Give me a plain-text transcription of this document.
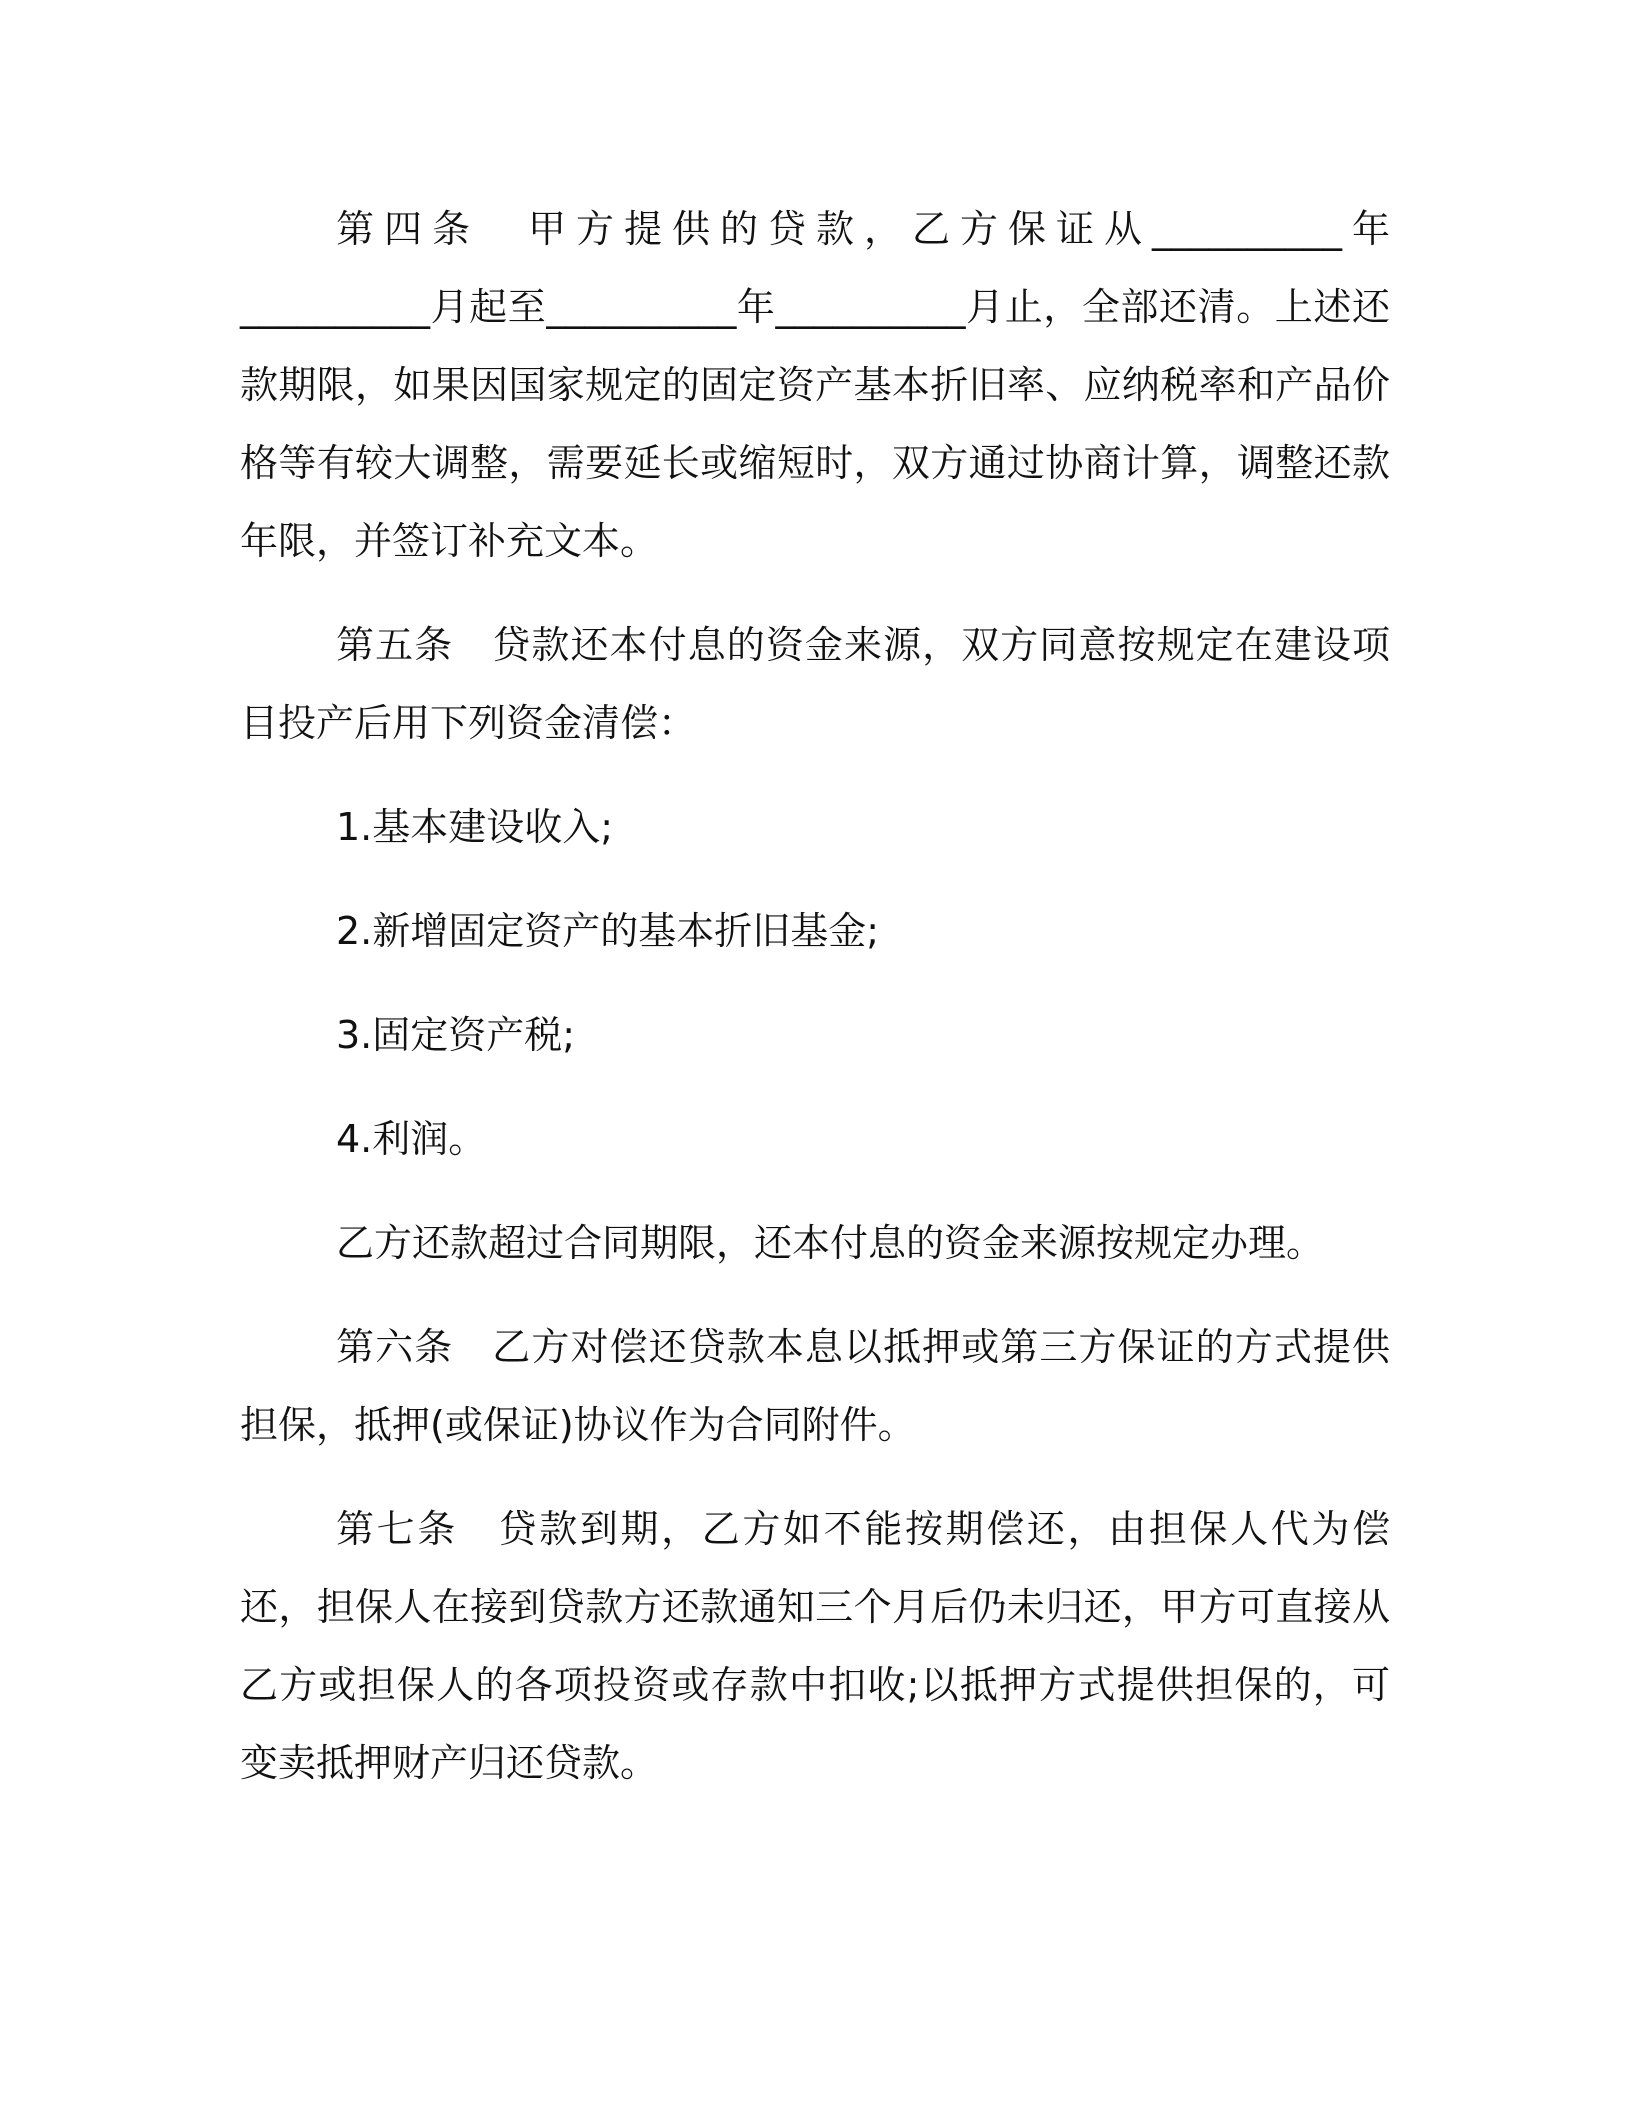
第四条　甲方提供的贷款，乙方保证从__________年__________月起至__________年__________月止，全部还清。上述还款期限，如果因国家规定的固定资产基本折旧率、应纳税率和产品价格等有较大调整，需要延长或缩短时，双方通过协商计算，调整还款年限，并签订补充文本。

第五条　贷款还本付息的资金来源，双方同意按规定在建设项目投产后用下列资金清偿：

1.基本建设收入;

2.新增固定资产的基本折旧基金;

3.固定资产税;

4.利润。

乙方还款超过合同期限，还本付息的资金来源按规定办理。

第六条　乙方对偿还贷款本息以抵押或第三方保证的方式提供担保，抵押(或保证)协议作为合同附件。

第七条　贷款到期，乙方如不能按期偿还，由担保人代为偿还，担保人在接到贷款方还款通知三个月后仍未归还，甲方可直接从乙方或担保人的各项投资或存款中扣收;以抵押方式提供担保的，可变卖抵押财产归还贷款。
